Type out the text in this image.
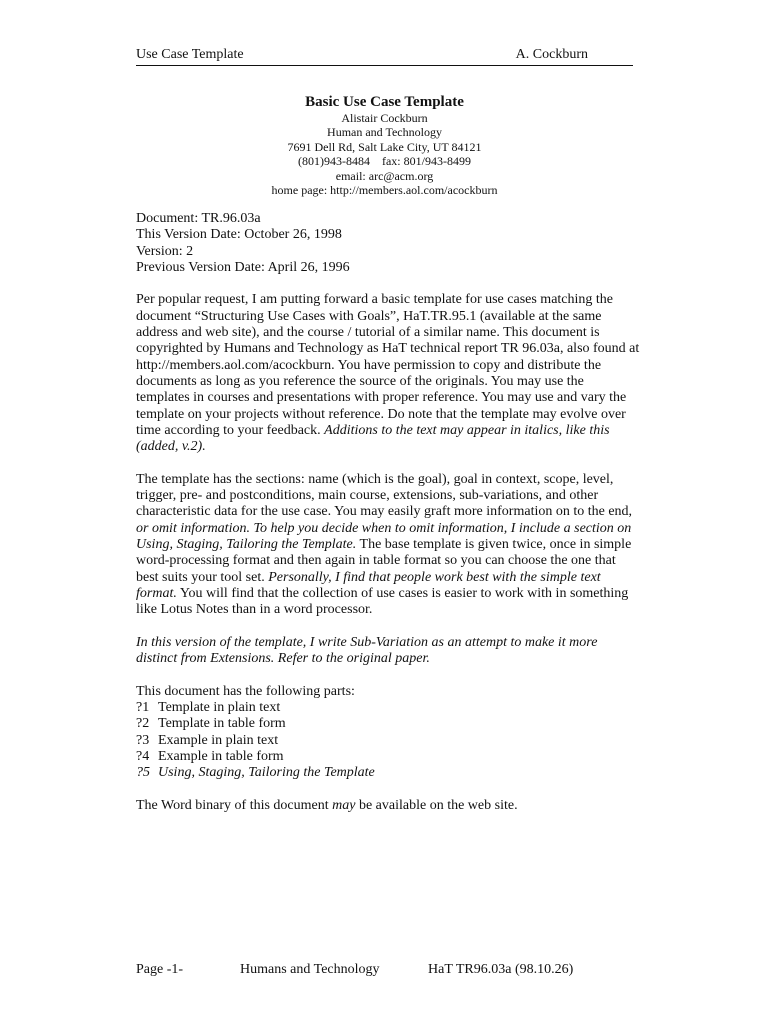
Use Case Template	A. Cockburn
Basic Use Case Template
Alistair Cockburn
Human and Technology
7691 Dell Rd, Salt Lake City, UT 84121
(801)943-8484    fax: 801/943-8499
email: arc@acm.org
home page: http://members.aol.com/acockburn

Document: TR.96.03a
This Version Date: October 26, 1998
Version: 2
Previous Version Date: April 26, 1996

Per popular request, I am putting forward a basic template for use cases matching the document “Structuring Use Cases with Goals”, HaT.TR.95.1 (available at the same address and web site), and the course / tutorial of a similar name. This document is copyrighted by Humans and Technology as HaT technical report TR 96.03a, also found at http://members.aol.com/acockburn. You have permission to copy and distribute the documents as long as you reference the source of the originals. You may use the templates in courses and presentations with proper reference. You may use and vary the template on your projects without reference. Do note that the template may evolve over time according to your feedback. Additions to the text may appear in italics, like this (added, v.2).

The template has the sections: name (which is the goal), goal in context, scope, level, trigger, pre- and postconditions, main course, extensions, sub-variations, and other characteristic data for the use case. You may easily graft more information on to the end, or omit information. To help you decide when to omit information, I include a section on Using, Staging, Tailoring the Template. The base template is given twice, once in simple word-processing format and then again in table format so you can choose the one that best suits your tool set. Personally, I find that people work best with the simple text format. You will find that the collection of use cases is easier to work with in something like Lotus Notes than in a word processor.

In this version of the template, I write Sub-Variation as an attempt to make it more distinct from Extensions. Refer to the original paper.

This document has the following parts:
?1 Template in plain text
?2 Template in table form
?3 Example in plain text
?4 Example in table form
?5 Using, Staging, Tailoring the Template

The Word binary of this document may be available on the web site.

Page -1-	Humans and Technology	HaT TR96.03a (98.10.26)
